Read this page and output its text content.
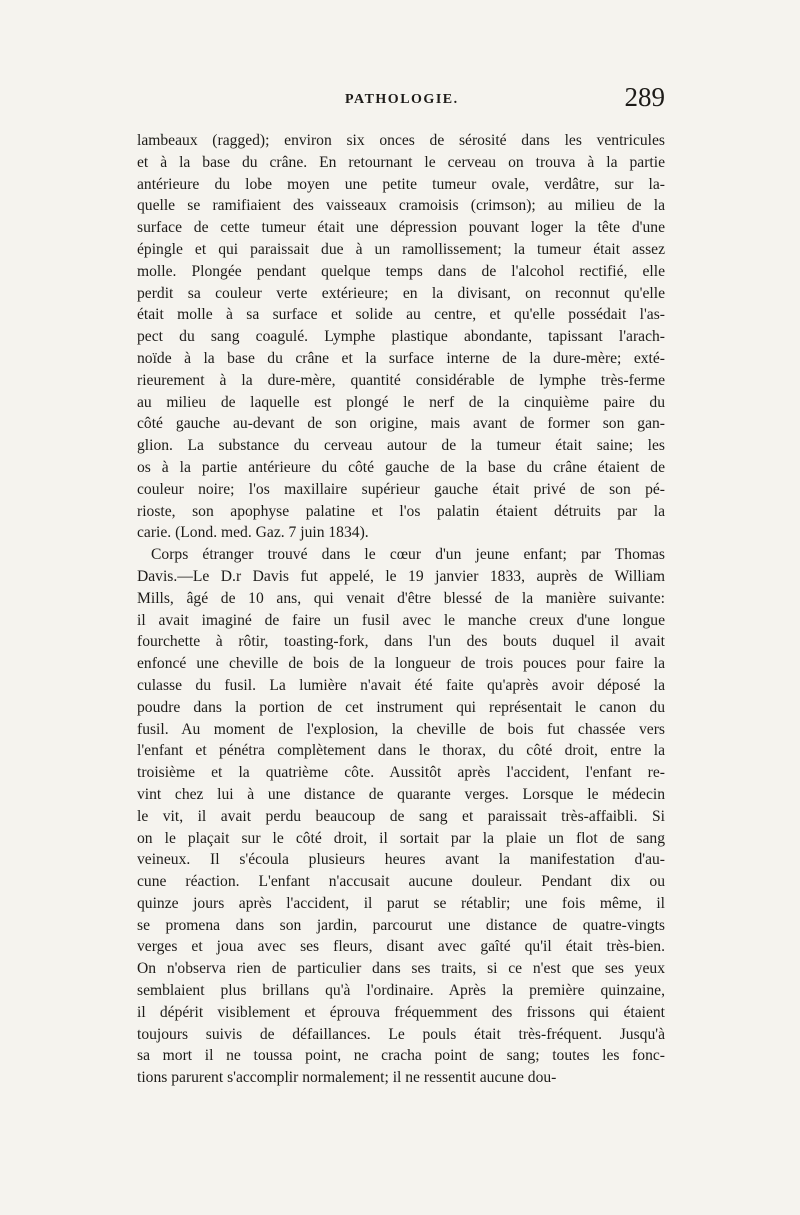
PATHOLOGIE.	289
lambeaux (ragged); environ six onces de sérosité dans les ventricules
et à la base du crâne. En retournant le cerveau on trouva à la partie
antérieure du lobe moyen une petite tumeur ovale, verdâtre, sur la-
quelle se ramifiaient des vaisseaux cramoisis (crimson); au milieu de la
surface de cette tumeur était une dépression pouvant loger la tête d'une
épingle et qui paraissait due à un ramollissement; la tumeur était assez
molle. Plongée pendant quelque temps dans de l'alcohol rectifié, elle
perdit sa couleur verte extérieure; en la divisant, on reconnut qu'elle
était molle à sa surface et solide au centre, et qu'elle possédait l'as-
pect du sang coagulé. Lymphe plastique abondante, tapissant l'arach-
noïde à la base du crâne et la surface interne de la dure-mère; exté-
rieurement à la dure-mère, quantité considérable de lymphe très-ferme
au milieu de laquelle est plongé le nerf de la cinquième paire du
côté gauche au-devant de son origine, mais avant de former son gan-
glion. La substance du cerveau autour de la tumeur était saine; les
os à la partie antérieure du côté gauche de la base du crâne étaient de
couleur noire; l'os maxillaire supérieur gauche était privé de son pé-
rioste, son apophyse palatine et l'os palatin étaient détruits par la
carie. (Lond. med. Gaz. 7 juin 1834).
Corps étranger trouvé dans le cœur d'un jeune enfant; par Thomas
Davis.—Le D.r Davis fut appelé, le 19 janvier 1833, auprès de William
Mills, âgé de 10 ans, qui venait d'être blessé de la manière suivante:
il avait imaginé de faire un fusil avec le manche creux d'une longue
fourchette à rôtir, toasting-fork, dans l'un des bouts duquel il avait
enfoncé une cheville de bois de la longueur de trois pouces pour faire la
culasse du fusil. La lumière n'avait été faite qu'après avoir déposé la
poudre dans la portion de cet instrument qui représentait le canon du
fusil. Au moment de l'explosion, la cheville de bois fut chassée vers
l'enfant et pénétra complètement dans le thorax, du côté droit, entre la
troisième et la quatrième côte. Aussitôt après l'accident, l'enfant re-
vint chez lui à une distance de quarante verges. Lorsque le médecin
le vit, il avait perdu beaucoup de sang et paraissait très-affaibli. Si
on le plaçait sur le côté droit, il sortait par la plaie un flot de sang
veineux. Il s'écoula plusieurs heures avant la manifestation d'au-
cune réaction. L'enfant n'accusait aucune douleur. Pendant dix ou
quinze jours après l'accident, il parut se rétablir; une fois même, il
se promena dans son jardin, parcourut une distance de quatre-vingts
verges et joua avec ses fleurs, disant avec gaîté qu'il était très-bien.
On n'observa rien de particulier dans ses traits, si ce n'est que ses yeux
semblaient plus brillans qu'à l'ordinaire. Après la première quinzaine,
il dépérit visiblement et éprouva fréquemment des frissons qui étaient
toujours suivis de défaillances. Le pouls était très-fréquent. Jusqu'à
sa mort il ne toussa point, ne cracha point de sang; toutes les fonc-
tions parurent s'accomplir normalement; il ne ressentit aucune dou-
